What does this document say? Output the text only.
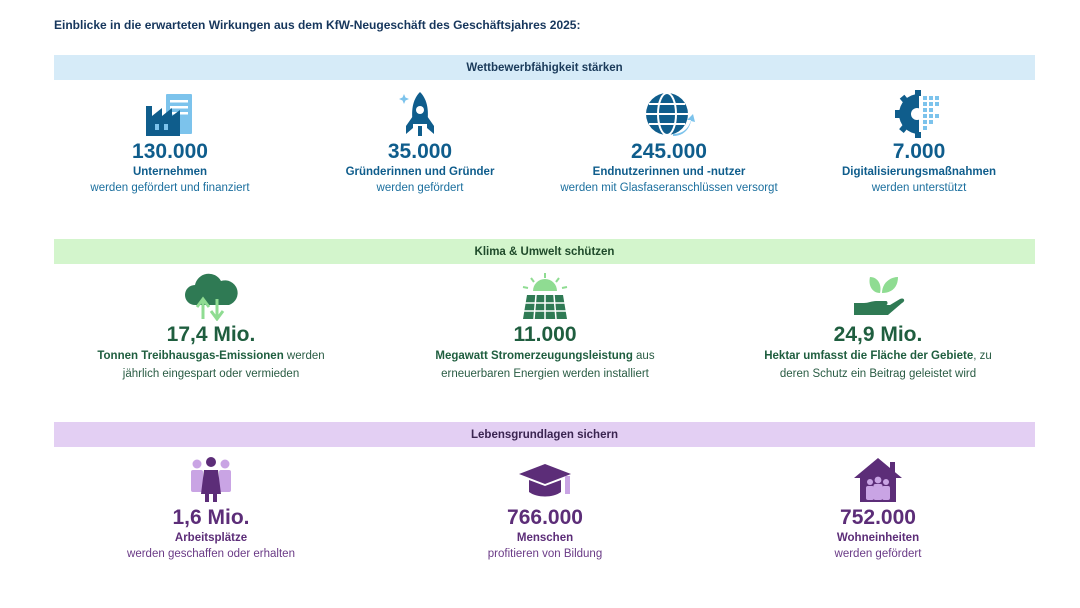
Einblicke in die erwarteten Wirkungen aus dem KfW-Neugeschäft des Geschäftsjahres 2025:
Wettbewerbfähigkeit stärken
130.000
Unternehmen
werden gefördert und finanziert
35.000
Gründerinnen und Gründer
werden gefördert
245.000
Endnutzerinnen und -nutzer
werden mit Glasfaseranschlüssen versorgt
7.000
Digitalisierungsmaßnahmen
werden unterstützt
Klima & Umwelt schützen
17,4 Mio.
Tonnen Treibhausgas-Emissionen werden
jährlich eingespart oder vermieden
11.000
Megawatt Stromerzeugungsleistung aus
erneuerbaren Energien werden installiert
24,9 Mio.
Hektar umfasst die Fläche der Gebiete, zu
deren Schutz ein Beitrag geleistet wird
Lebensgrundlagen sichern
1,6 Mio.
Arbeitsplätze
werden geschaffen oder erhalten
766.000
Menschen
profitieren von Bildung
752.000
Wohneinheiten
werden gefördert
